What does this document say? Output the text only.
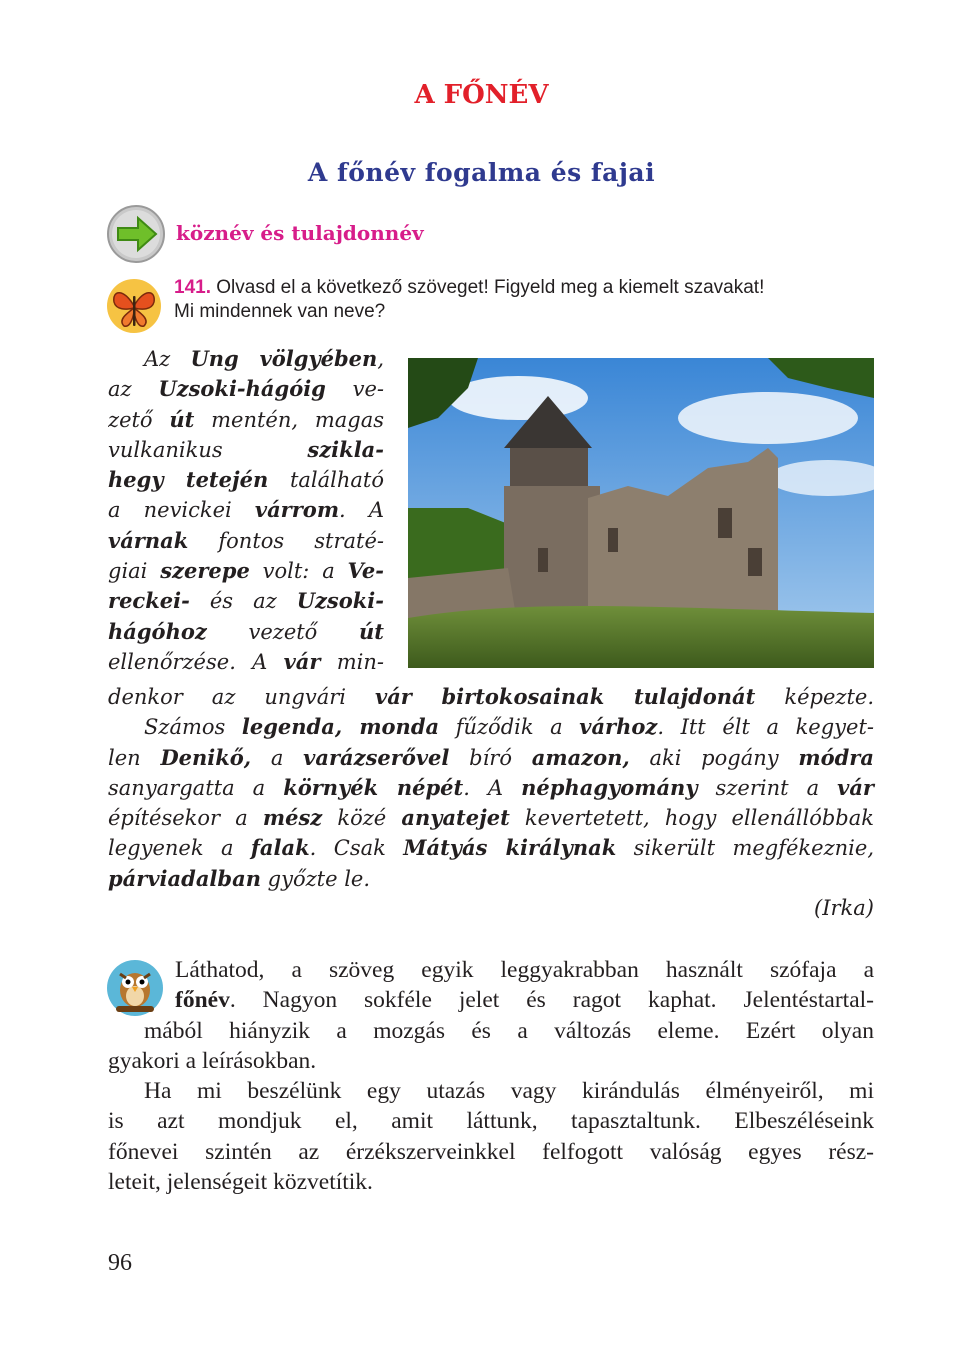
A FŐNÉV
A főnév fogalma és fajai
köznév és tulajdonnév
141. Olvasd el a következő szöveget! Figyeld meg a kiemelt szavakat!
Mi mindennek van neve?
Az Ung völgyében,
az Uzsoki-hágóig ve-
zető út mentén, magas
vulkanikus szikla-
hegy tetején található
a nevickei várrom. A
várnak fontos straté-
giai szerepe volt: a Ve-
reckei- és az Uzsoki-
hágóhoz vezető út
ellenőrzése. A vár min-
denkor az ungvári vár birtokosainak tulajdonát képezte.
Számos legenda, monda fűződik a várhoz. Itt élt a kegyet-
len Denikő, a varázserővel bíró amazon, aki pogány módra
sanyargatta a környék népét. A néphagyomány szerint a vár
építésekor a mész közé anyatejet kevertetett, hogy ellenállóbbak
legyenek a falak. Csak Mátyás királynak sikerült megfékeznie,
párviadalban győzte le.
(Irka)
Láthatod, a szöveg egyik leggyakrabban használt szófaja a
főnév. Nagyon sokféle jelet és ragot kaphat. Jelentéstartal-
mából hiányzik a mozgás és a változás eleme. Ezért olyan
gyakori a leírásokban.
Ha mi beszélünk egy utazás vagy kirándulás élményeiről, mi
is azt mondjuk el, amit láttunk, tapasztaltunk. Elbeszéléseink
főnevei szintén az érzékszerveinkkel felfogott valóság egyes rész-
leteit, jelenségeit közvetítik.
96
